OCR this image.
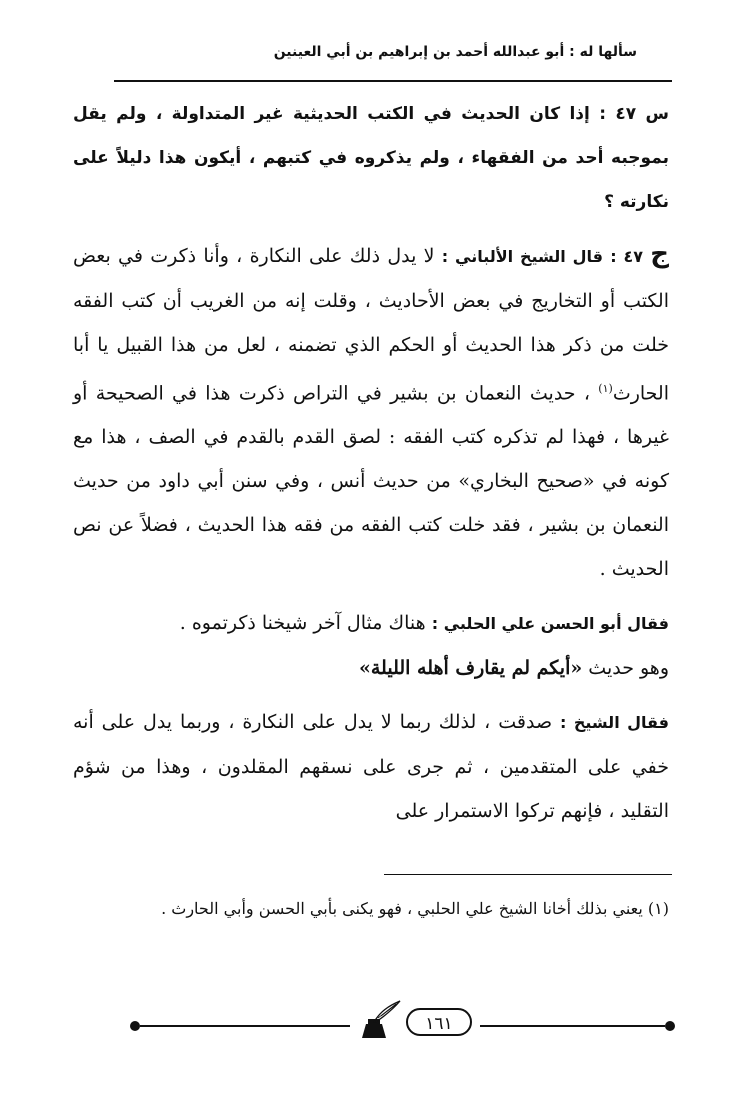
سألها له : أبو عبدالله أحمد بن إبراهيم بن أبي العينين
س ٤٧ : إذا كان الحديث في الكتب الحديثية غير المتداولة ، ولم يقل بموجبه أحد من الفقهاء ، ولم يذكروه في كتبهم ، أيكون هذا دليلاً على نكارته ؟

ج ٤٧ : قال الشيخ الألباني : لا يدل ذلك على النكارة ، وأنا ذكرت في بعض الكتب أو التخاريج في بعض الأحاديث ، وقلت إنه من الغريب أن كتب الفقه خلت من ذكر هذا الحديث أو الحكم الذي تضمنه ، لعل من هذا القبيل يا أبا الحارث$^{(١)}$ ، حديث النعمان بن بشير في التراص ذكرت هذا في الصحيحة أو غيرها ، فهذا لم تذكره كتب الفقه : لصق القدم بالقدم في الصف ، هذا مع كونه في «صحيح البخاري» من حديث أنس ، وفي سنن أبي داود من حديث النعمان بن بشير ، فقد خلت كتب الفقه من فقه هذا الحديث ، فضلاً عن نص الحديث .

فقال أبو الحسن علي الحلبي : هناك مثال آخر شيخنا ذكرتموه .
وهو حديث «أيكم لم يقارف أهله الليلة»

فقال الشيخ : صدقت ، لذلك ربما لا يدل على النكارة ، وربما يدل على أنه خفي على المتقدمين ، ثم جرى على نسقهم المقلدون ، وهذا من شؤم التقليد ، فإنهم تركوا الاستمرار على

(١) يعني بذلك أخانا الشيخ علي الحلبي ، فهو يكنى بأبي الحسن وأبي الحارث .
١٦١
